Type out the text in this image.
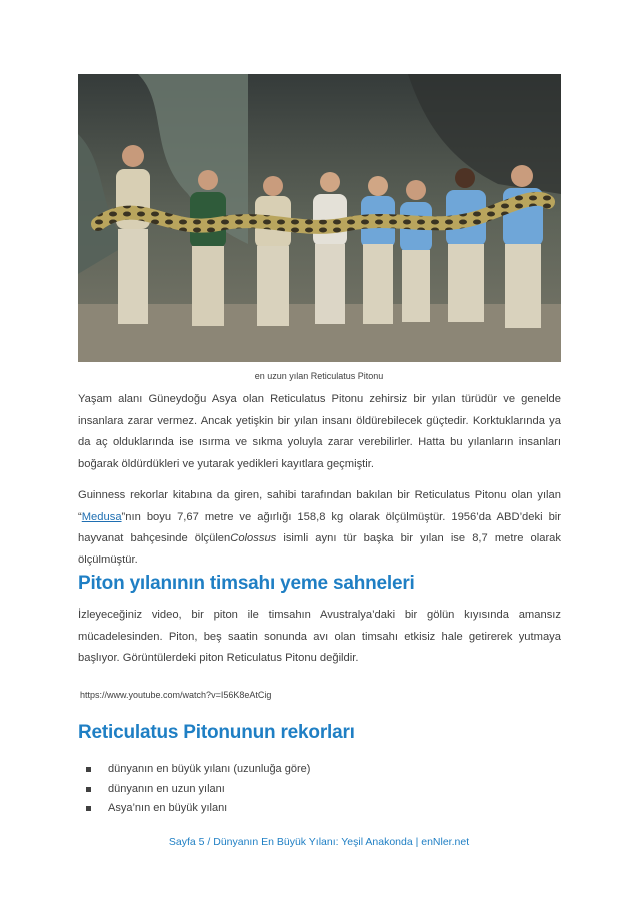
en uzun yılan Reticulatus Pitonu

Yaşam alanı Güneydoğu Asya olan Reticulatus Pitonu zehirsiz bir yılan türüdür ve genelde insanlara zarar vermez. Ancak yetişkin bir yılan insanı öldürebilecek güçtedir. Korktuklarında ya da aç olduklarında ise ısırma ve sıkma yoluyla zarar verebilirler. Hatta bu yılanların insanları boğarak öldürdükleri ve yutarak yedikleri kayıtlara geçmiştir.

Guinness rekorlar kitabına da giren, sahibi tarafından bakılan bir Reticulatus Pitonu olan yılan “Medusa”nın boyu 7,67 metre ve ağırlığı 158,8 kg olarak ölçülmüştür. 1956’da ABD’deki bir hayvanat bahçesinde ölçülenColossus isimli aynı tür başka bir yılan ise 8,7 metre olarak ölçülmüştür.

Piton yılanının timsahı yeme sahneleri

İzleyeceğiniz video, bir piton ile timsahın Avustralya’daki bir gölün kıyısında amansız mücadelesinden. Piton, beş saatin sonunda avı olan timsahı etkisiz hale getirerek yutmaya başlıyor. Görüntülerdeki piton Reticulatus Pitonu değildir.

https://www.youtube.com/watch?v=I56K8eAtCig
Reticulatus Pitonunun rekorları
dünyanın en büyük yılanı (uzunluğa göre)
dünyanın en uzun yılanı
Asya’nın en büyük yılanı
Sayfa 5 / Dünyanın En Büyük Yılanı: Yeşil Anakonda | enNler.net
